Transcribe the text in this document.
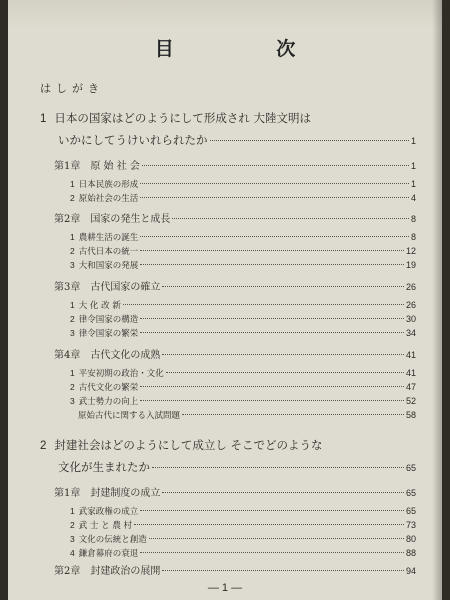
目 次
はしがき
1 日本の国家はどのようにして形成され 大陸文明は
いかにしてうけいれられたか	1
第1章 原 始 社 会	1
1 日本民族の形成	1
2 原始社会の生活	4
第2章 国家の発生と成長	8
1 農耕生活の誕生	8
2 古代日本の統一	12
3 大和国家の発展	19
第3章 古代国家の確立	26
1 大 化 改 新	26
2 律令国家の構造	30
3 律令国家の繁栄	34
第4章 古代文化の成熟	41
1 平安初期の政治・文化	41
2 古代文化の繁栄	47
3 武士勢力の向上	52
原始古代に関する入試問題	58
2 封建社会はどのようにして成立し そこでどのような
文化が生まれたか	65
第1章 封建制度の成立	65
1 武家政権の成立	65
2 武 士 と 農 村	73
3 文化の伝統と創造	80
4 鎌倉幕府の衰退	88
第2章 封建政治の展開	94
— 1 —
